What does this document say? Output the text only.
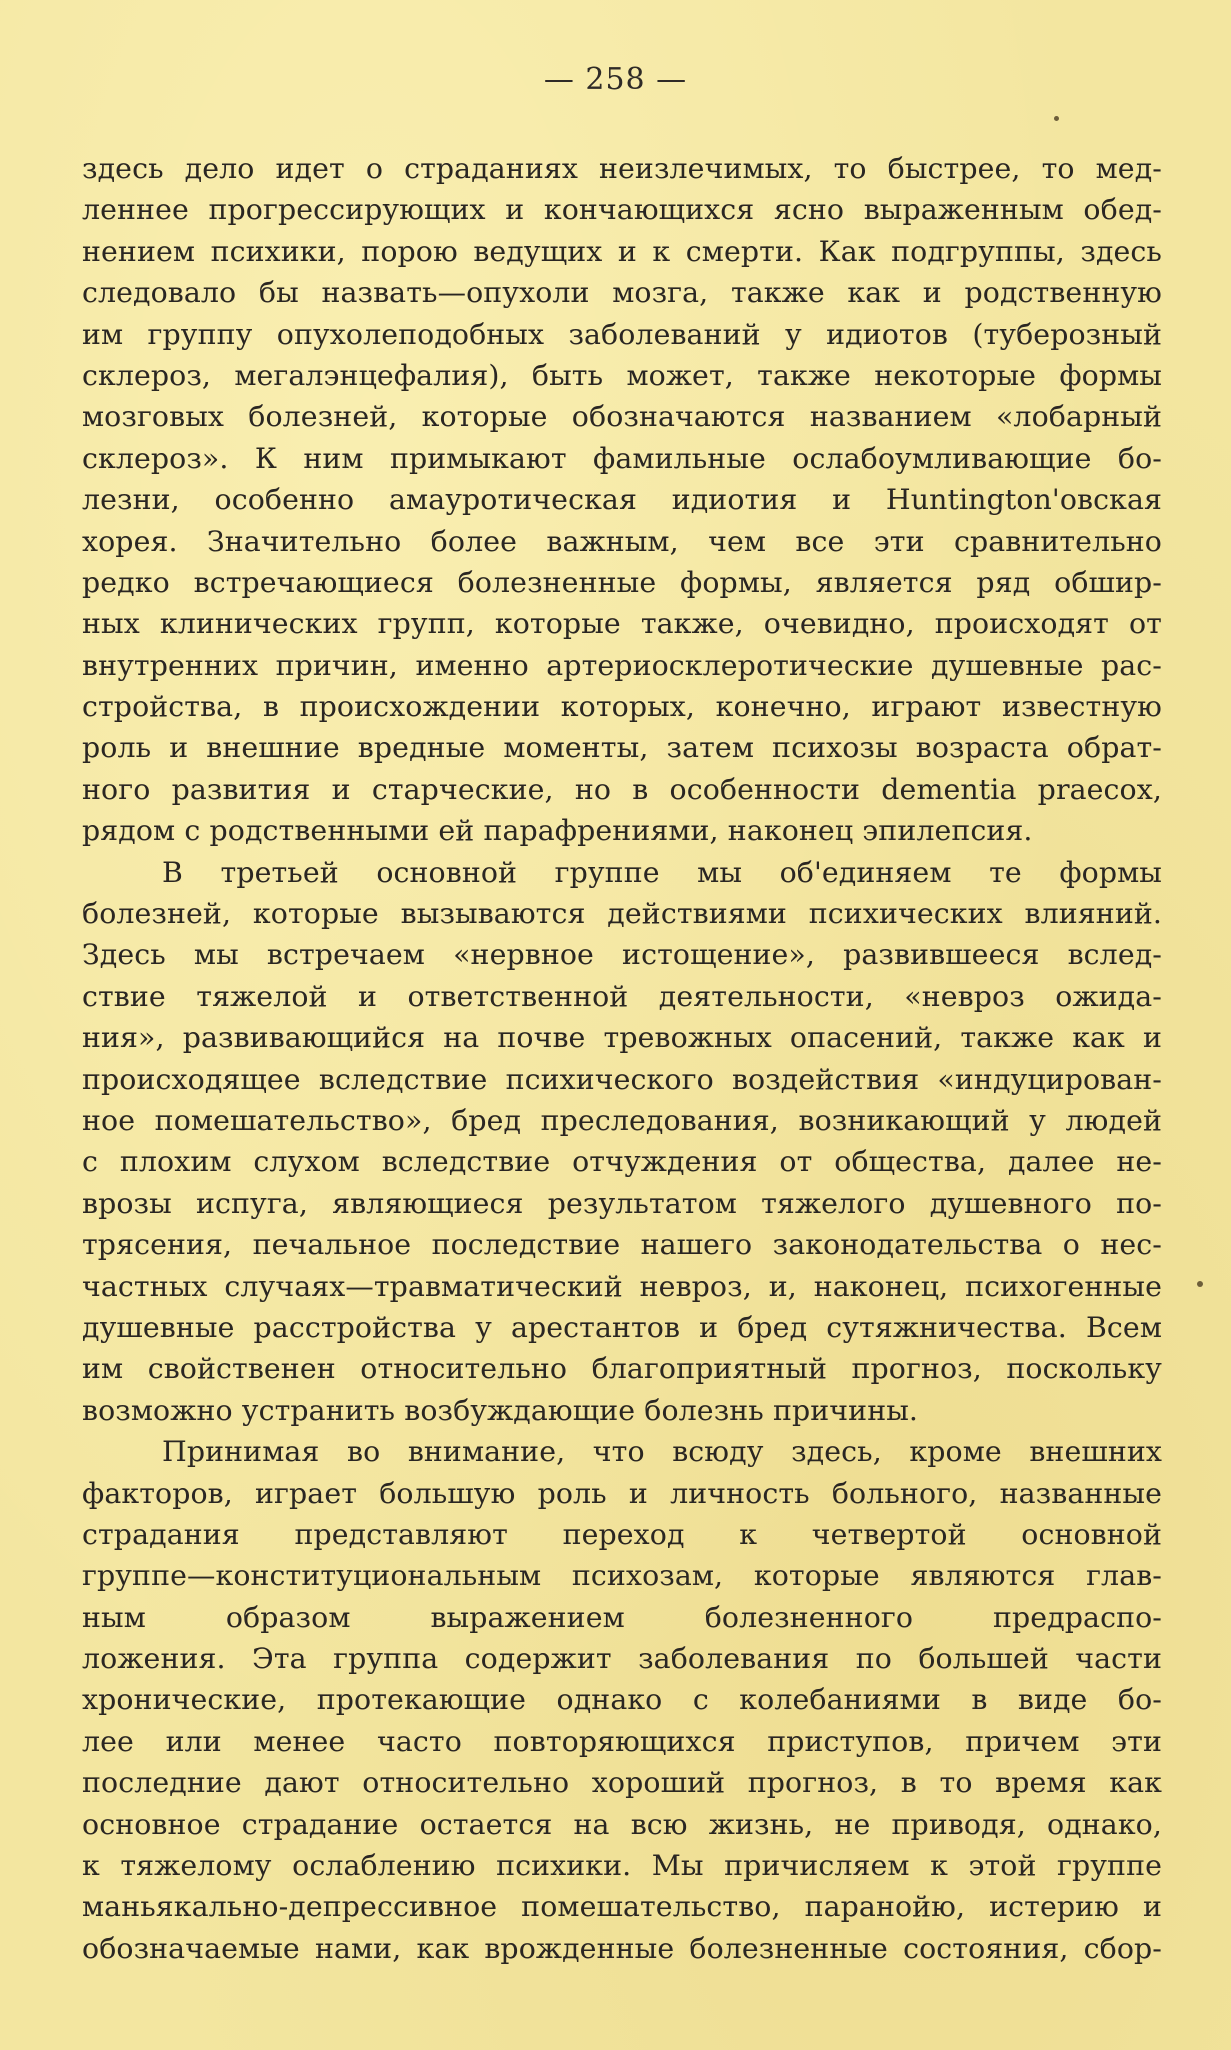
— 258 —
здесь дело идет о страданиях неизлечимых, то быстрее, то мед-
леннее прогрессирующих и кончающихся ясно выраженным обед-
нением психики, порою ведущих и к смерти. Как подгруппы, здесь
следовало бы назвать—опухоли мозга, также как и родственную
им группу опухолеподобных заболеваний у идиотов (туберозный
склероз, мегалэнцефалия), быть может, также некоторые формы
мозговых болезней, которые обозначаются названием «лобарный
склероз». К ним примыкают фамильные ослабоумливающие бо-
лезни, особенно амауротическая идиотия и Huntington'овская
хорея. Значительно более важным, чем все эти сравнительно
редко встречающиеся болезненные формы, является ряд обшир-
ных клинических групп, которые также, очевидно, происходят от
внутренних причин, именно артериосклеротические душевные рас-
стройства, в происхождении которых, конечно, играют известную
роль и внешние вредные моменты, затем психозы возраста обрат-
ного развития и старческие, но в особенности dementia praecox,
рядом с родственными ей парафрениями, наконец эпилепсия.
В третьей основной группе мы об'единяем те формы
болезней, которые вызываются действиями психических влияний.
Здесь мы встречаем «нервное истощение», развившееся вслед-
ствие тяжелой и ответственной деятельности, «невроз ожида-
ния», развивающийся на почве тревожных опасений, также как и
происходящее вследствие психического воздействия «индуцирован-
ное помешательство», бред преследования, возникающий у людей
с плохим слухом вследствие отчуждения от общества, далее не-
врозы испуга, являющиеся результатом тяжелого душевного по-
трясения, печальное последствие нашего законодательства о нес-
частных случаях—травматический невроз, и, наконец, психогенные
душевные расстройства у арестантов и бред сутяжничества. Всем
им свойственен относительно благоприятный прогноз, поскольку
возможно устранить возбуждающие болезнь причины.
Принимая во внимание, что всюду здесь, кроме внешних
факторов, играет большую роль и личность больного, названные
страдания представляют переход к четвертой основной
группе—конституциональным психозам, которые являются глав-
ным образом выражением болезненного предраспо-
ложения. Эта группа содержит заболевания по большей части
хронические, протекающие однако с колебаниями в виде бо-
лее или менее часто повторяющихся приступов, причем эти
последние дают относительно хороший прогноз, в то время как
основное страдание остается на всю жизнь, не приводя, однако,
к тяжелому ослаблению психики. Мы причисляем к этой группе
маньякально-депрессивное помешательство, паранойю, истерию и
обозначаемые нами, как врожденные болезненные состояния, сбор-
